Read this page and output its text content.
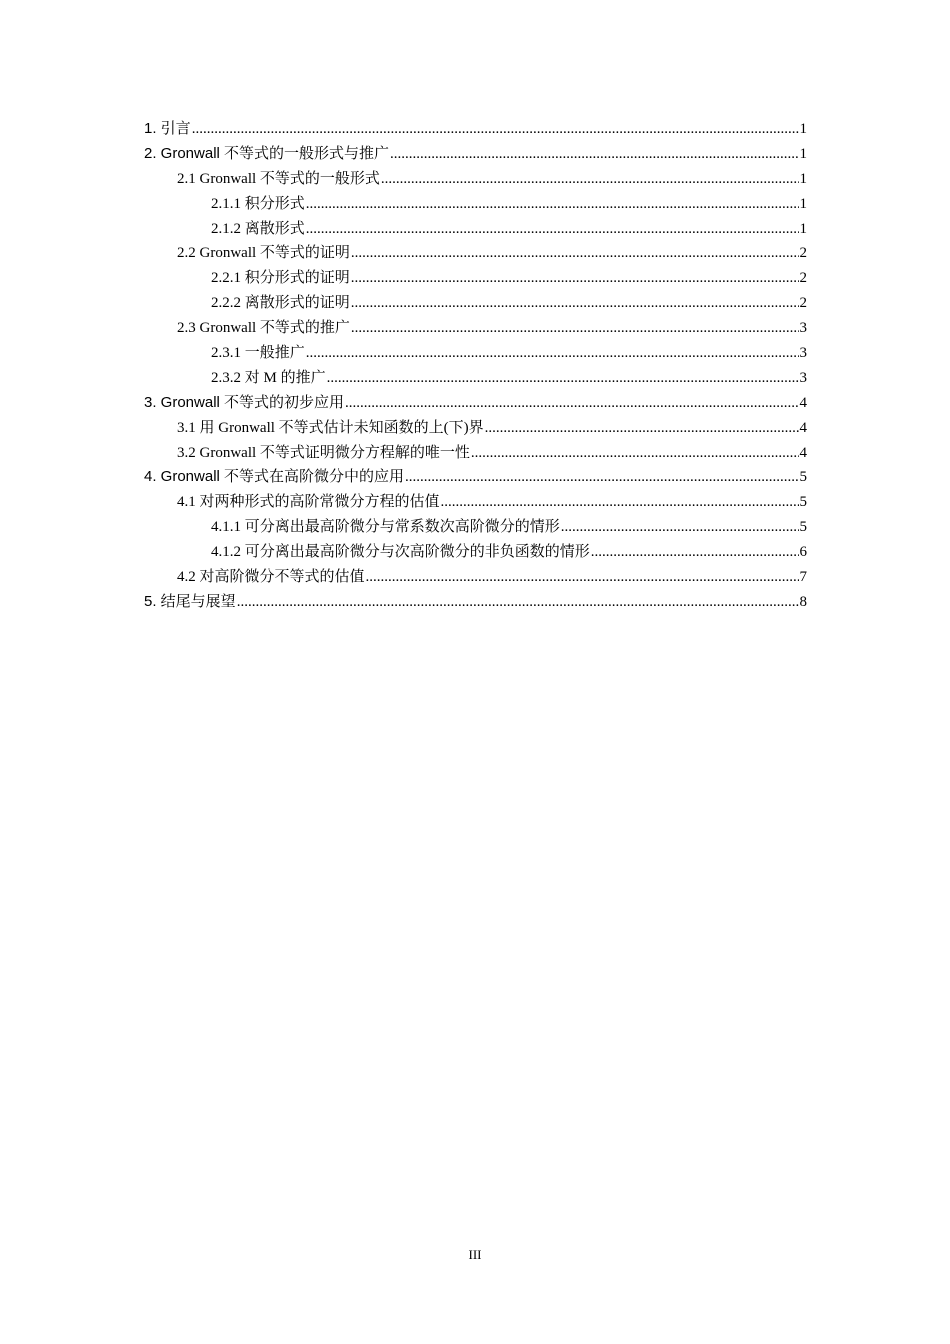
1. 引言 .....	1
2. Gronwall 不等式的一般形式与推广 .....	1
2.1 Gronwall 不等式的一般形式 .....	1
2.1.1 积分形式 .....	1
2.1.2 离散形式 .....	1
2.2 Gronwall 不等式的证明 .....	2
2.2.1 积分形式的证明 .....	2
2.2.2 离散形式的证明 .....	2
2.3 Gronwall 不等式的推广 .....	3
2.3.1 一般推广 .....	3
2.3.2 对 M 的推广 .....	3
3. Gronwall 不等式的初步应用 .....	4
3.1 用 Gronwall 不等式估计未知函数的上(下)界 .....	4
3.2 Gronwall 不等式证明微分方程解的唯一性 .....	4
4. Gronwall 不等式在高阶微分中的应用 .....	5
4.1 对两种形式的高阶常微分方程的估值 .....	5
4.1.1 可分离出最高阶微分与常系数次高阶微分的情形 .....	5
4.1.2 可分离出最高阶微分与次高阶微分的非负函数的情形 .....	6
4.2 对高阶微分不等式的估值 .....	7
5. 结尾与展望 .....	8
III
